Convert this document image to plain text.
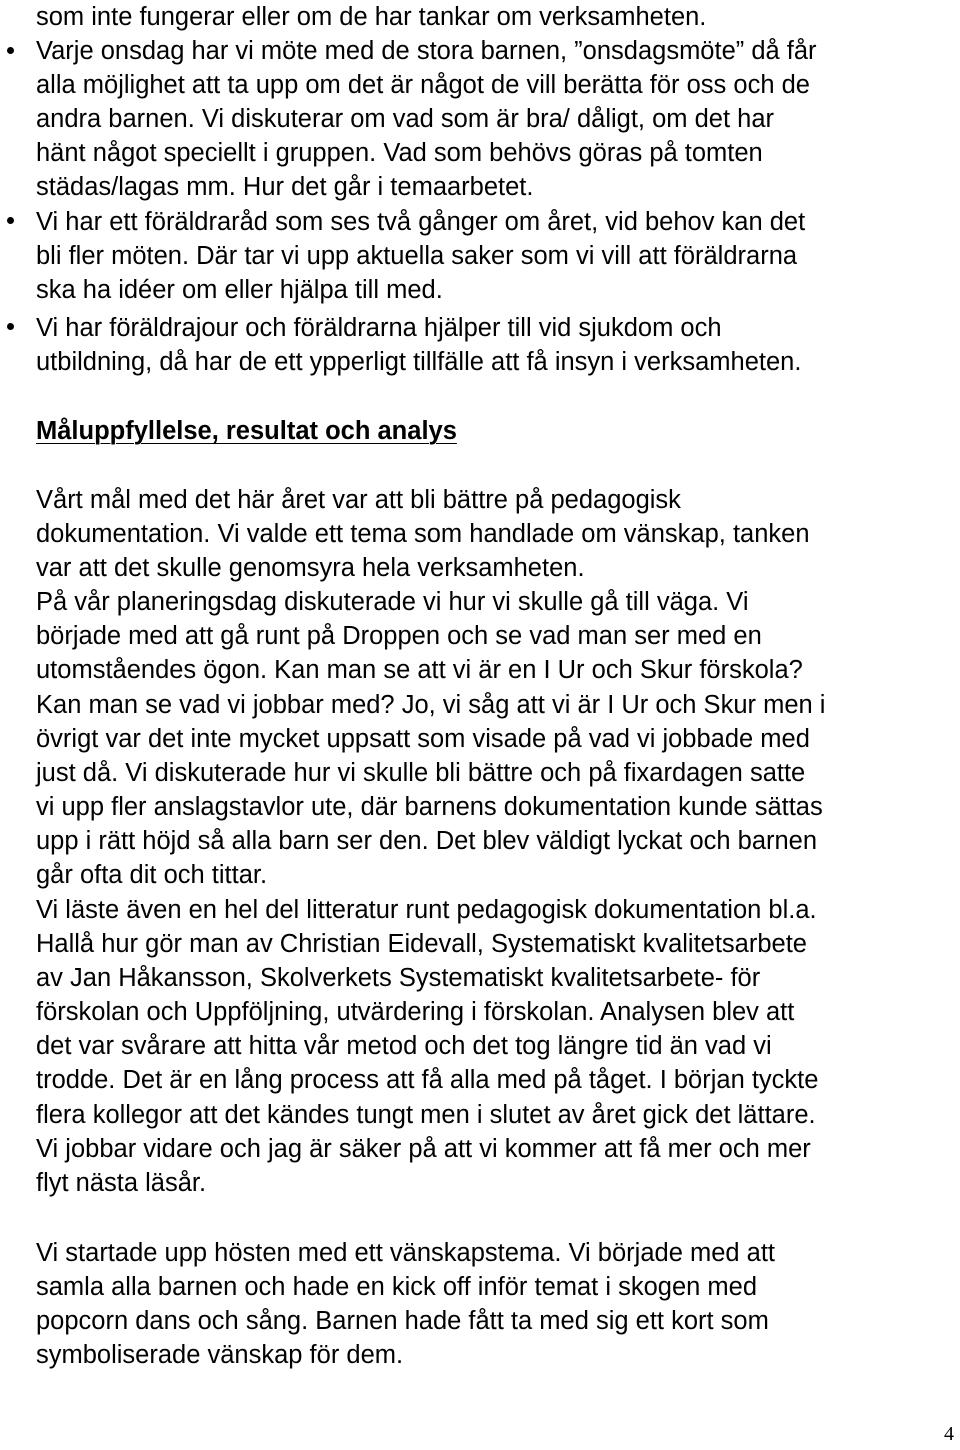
som inte fungerar eller om de har tankar om verksamheten.
Varje onsdag har vi möte med de stora barnen, ”onsdagsmöte” då får
alla möjlighet att ta upp om det är något de vill berätta för oss och de
andra barnen. Vi diskuterar om vad som är bra/ dåligt, om det har
hänt något speciellt i gruppen. Vad som behövs göras på tomten
städas/lagas mm. Hur det går i temaarbetet.
Vi har ett föräldraråd som ses två gånger om året, vid behov kan det
bli fler möten. Där tar vi upp aktuella saker som vi vill att föräldrarna
ska ha idéer om eller hjälpa till med.
Vi har föräldrajour och föräldrarna hjälper till vid sjukdom och
utbildning, då har de ett ypperligt tillfälle att få insyn i verksamheten.
Måluppfyllelse, resultat och analys
Vårt mål med det här året var att bli bättre på pedagogisk
dokumentation. Vi valde ett tema som handlade om vänskap, tanken
var att det skulle genomsyra hela verksamheten.
På vår planeringsdag diskuterade vi hur vi skulle gå till väga. Vi
började med att gå runt på Droppen och se vad man ser med en
utomståendes ögon. Kan man se att vi är en I Ur och Skur förskola?
Kan man se vad vi jobbar med? Jo, vi såg att vi är I Ur och Skur men i
övrigt var det inte mycket uppsatt som visade på vad vi jobbade med
just då. Vi diskuterade hur vi skulle bli bättre och på fixardagen satte
vi upp fler anslagstavlor ute, där barnens dokumentation kunde sättas
upp i rätt höjd så alla barn ser den. Det blev väldigt lyckat och barnen
går ofta dit och tittar.
Vi läste även en hel del litteratur runt pedagogisk dokumentation bl.a.
Hallå hur gör man av Christian Eidevall, Systematiskt kvalitetsarbete
av Jan Håkansson, Skolverkets Systematiskt kvalitetsarbete- för
förskolan och Uppföljning, utvärdering i förskolan. Analysen blev att
det var svårare att hitta vår metod och det tog längre tid än vad vi
trodde. Det är en lång process att få alla med på tåget. I början tyckte
flera kollegor att det kändes tungt men i slutet av året gick det lättare.
Vi jobbar vidare och jag är säker på att vi kommer att få mer och mer
flyt nästa läsår.
Vi startade upp hösten med ett vänskapstema. Vi började med att
samla alla barnen och hade en kick off inför temat i skogen med
popcorn dans och sång. Barnen hade fått ta med sig ett kort som
symboliserade vänskap för dem.
4
